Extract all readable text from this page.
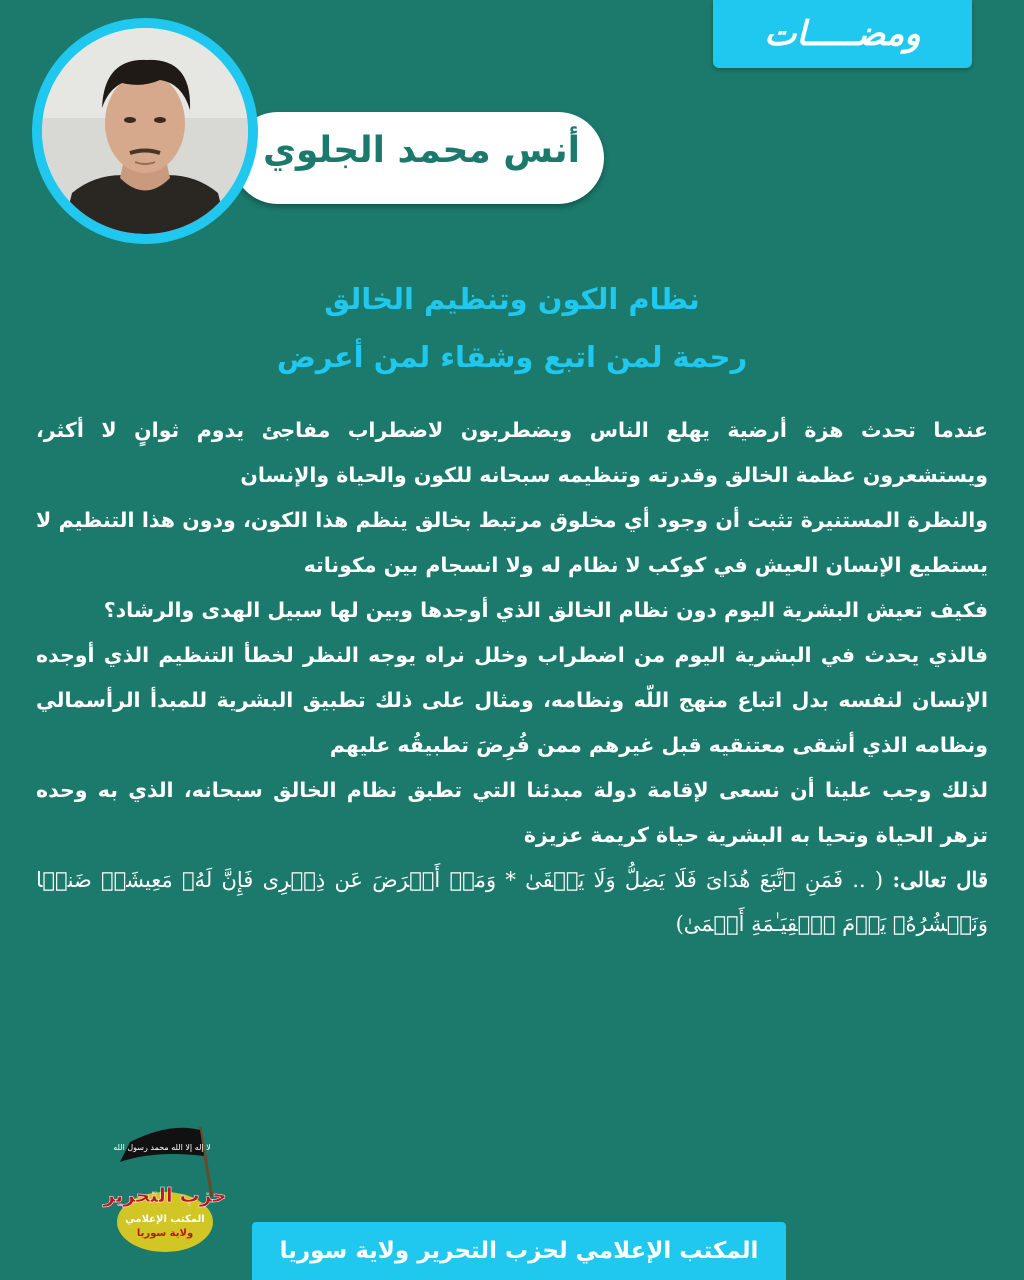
ومضـــــات
أنس محمد الجلوي
نظام الكون وتنظيم الخالق
رحمة لمن اتبع وشقاء لمن أعرض

عندما تحدث هزة أرضية يهلع الناس ويضطربون لاضطراب مفاجئ يدوم ثوانٍ لا أكثر، ويستشعرون عظمة الخالق وقدرته وتنظيمه سبحانه للكون والحياة والإنسان

والنظرة المستنيرة تثبت أن وجود أي مخلوق مرتبط بخالق ينظم هذا الكون، ودون هذا التنظيم لا يستطيع الإنسان العيش في كوكب لا نظام له ولا انسجام بين مكوناته

فكيف تعيش البشرية اليوم دون نظام الخالق الذي أوجدها وبين لها سبيل الهدى والرشاد؟

فالذي يحدث في البشرية اليوم من اضطراب وخلل نراه يوجه النظر لخطأ التنظيم الذي أوجده الإنسان لنفسه بدل اتباع منهج اللّه ونظامه، ومثال على ذلك تطبيق البشرية للمبدأ الرأسمالي ونظامه الذي أشقى معتنقيه قبل غيرهم ممن فُرِضَ تطبيقُه عليهم

لذلك وجب علينا أن نسعى لإقامة دولة مبدئنا التي تطبق نظام الخالق سبحانه، الذي به وحده تزهر الحياة وتحيا به البشرية حياة كريمة عزيزة

قال تعالى: ( .. فَمَنِ ٱتَّبَعَ هُدَایَ فَلَا یَضِلُّ وَلَا یَشۡقَىٰ * وَمَنۡ أَعۡرَضَ عَن ذِكۡرِی فَإِنَّ لَهُۥ مَعِیشَةࣰ ضَنكࣰا وَنَحۡشُرُهُۥ یَوۡمَ ٱلۡقِیَـٰمَةِ أَعۡمَىٰ)

لا إله إلا الله محمد رسول الله
حزب التحرير
المكتب الإعلامي
ولاية سوريا
المكتب الإعلامي لحزب التحرير ولاية سوريا
